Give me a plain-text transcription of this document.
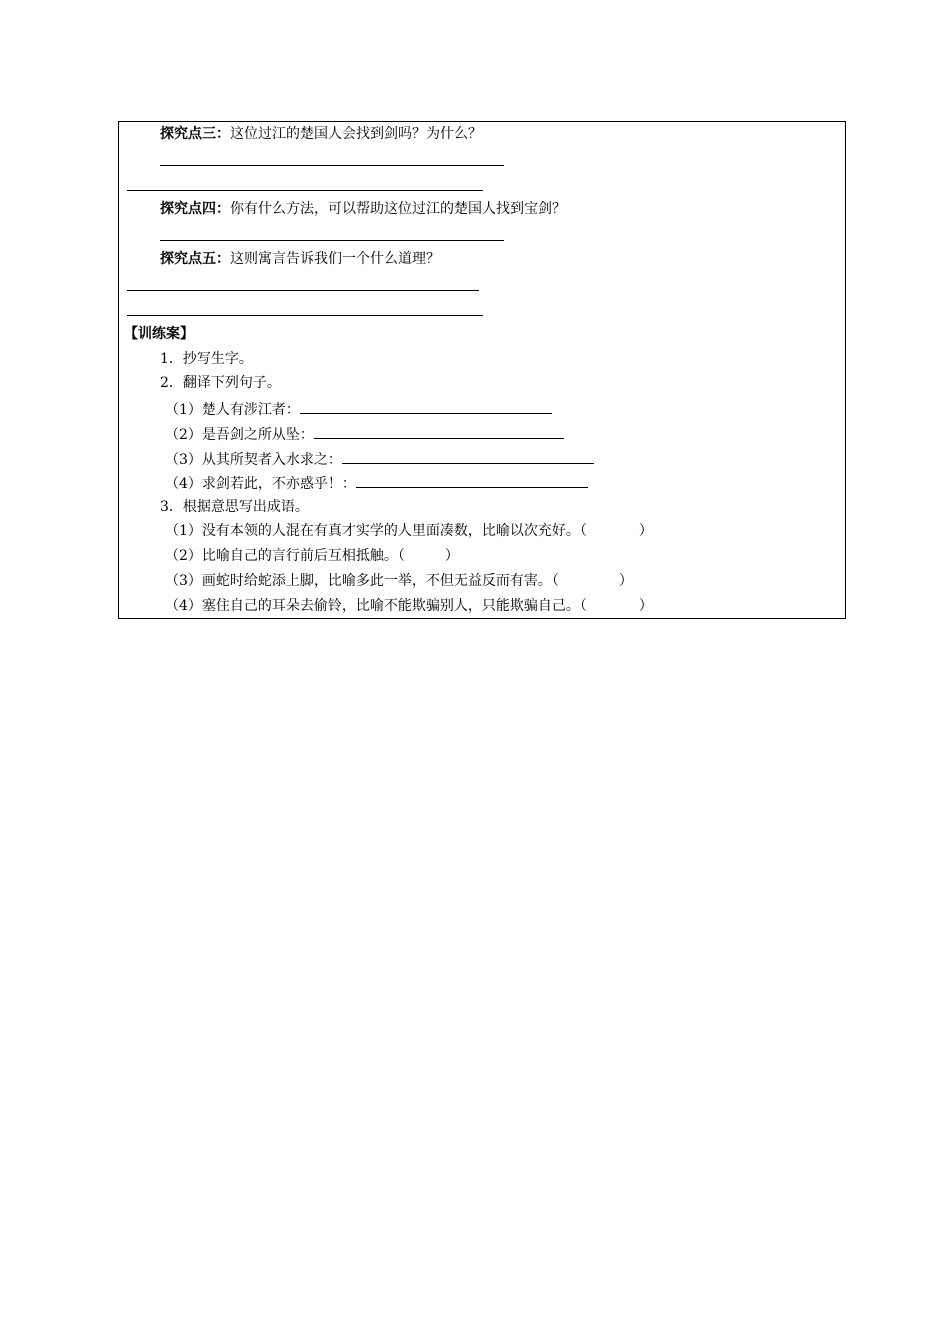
探究点三：这位过江的楚国人会找到剑吗？为什么？
探究点四：你有什么方法，可以帮助这位过江的楚国人找到宝剑？
探究点五：这则寓言告诉我们一个什么道理？
【训练案】
1．抄写生字。
2．翻译下列句子。
（1）楚人有涉江者：
（2）是吾剑之所从坠：
（3）从其所契者入水求之：
（4）求剑若此，不亦惑乎！：
3．根据意思写出成语。
（1）没有本领的人混在有真才实学的人里面凑数，比喻以次充好。（	）
（2）比喻自己的言行前后互相抵触。（	）
（3）画蛇时给蛇添上脚，比喻多此一举，不但无益反而有害。（	）
（4）塞住自己的耳朵去偷铃，比喻不能欺骗别人，只能欺骗自己。（	）
